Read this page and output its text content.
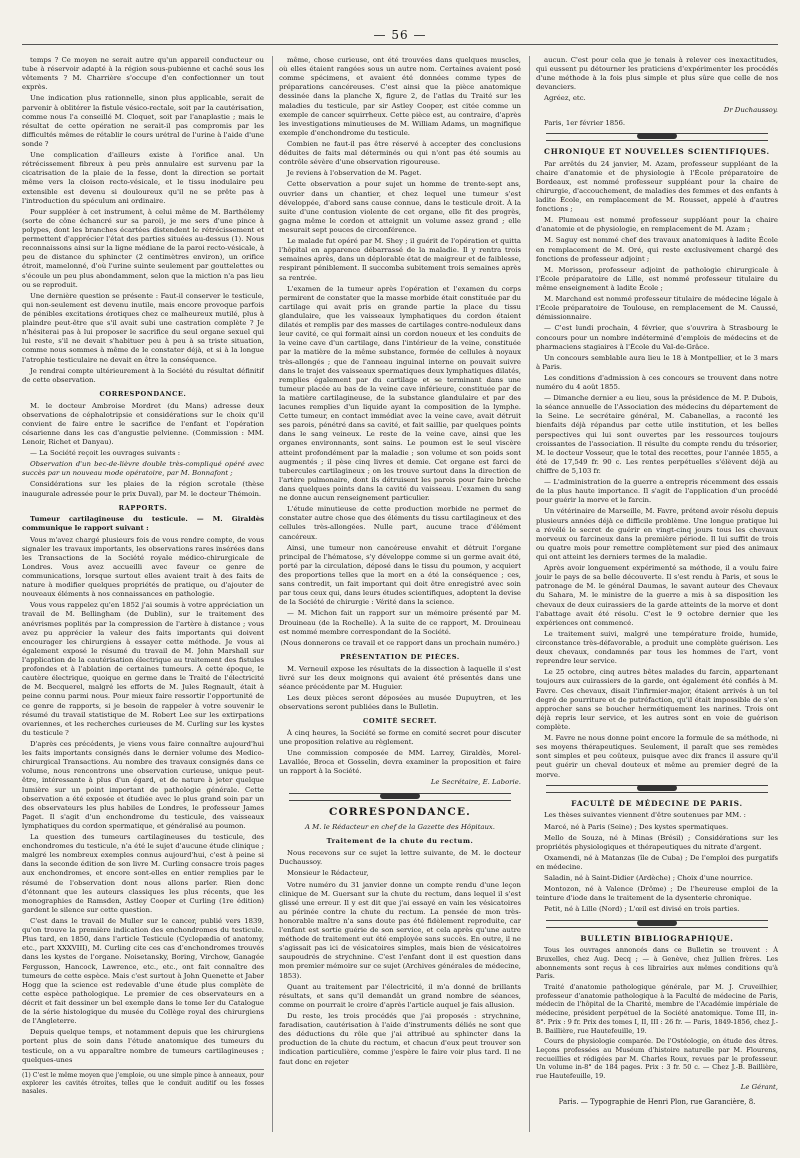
— 56 —

temps ? Ce moyen ne serait autre qu'un appareil conducteur ou tube à réservoir adapté à la région sous-pubienne et caché sous les vêtements ? M. Charrière s'occupe d'en confectionner un tout exprès.

Une indication plus rationnelle, sinon plus applicable, serait de parvenir à oblitérer la fistule vésico-rectale, soit par la cautérisation, comme nous l'a conseillé M. Cloquet, soit par l'anaplastie ; mais le résultat de cette opération ne serait-il pas compromis par les difficultés mêmes de rétablir le cours urétral de l'urine à l'aide d'une sonde ?

Une complication d'ailleurs existe à l'orifice anal. Un rétrécissement fibreux à peu près annulaire est survenu par la cicatrisation de la plaie de la fesse, dont la direction se portait même vers la cloison recto-vésicale, et le tissu inodulaire peu extensible est devenu si douloureux qu'il ne se prête pas à l'introduction du spéculum ani ordinaire.

Pour suppléer à cet instrument, à celui même de M. Barthélemy (sorte de cône échancré sur sa paroi), je me sers d'une pince à polypes, dont les branches écartées distendent le rétrécissement et permettent d'apprécier l'état des parties situées au-dessus (1). Nous reconnaissons ainsi sur la ligne médiane de la paroi recto-vésicale, à peu de distance du sphincter (2 centimètres environ), un orifice étroit, mamelonné, d'où l'urine suinte seulement par gouttelettes ou s'écoule un peu plus abondamment, selon que la miction n'a pas lieu ou se reproduit.

Une dernière question se présente : Faut-il conserver le testicule, qui non-seulement est devenu inutile, mais encore provoque parfois de pénibles excitations érotiques chez ce malheureux mutilé, plus à plaindre peut-être que s'il avait subi une castration complète ? Je n'hésiterai pas à lui proposer le sacrifice du seul organe sexuel qui lui reste, s'il ne devait s'habituer peu à peu à sa triste situation, comme nous sommes à même de le constater déjà, et si à la longue l'atrophie testiculaire ne devait en être la conséquence.

Je rendrai compte ultérieurement à la Société du résultat définitif de cette observation.

CORRESPONDANCE.

M. le docteur Ambroise Mordret (du Mans) adresse deux observations de céphalotripsie et considérations sur le choix qu'il convient de faire entre le sacrifice de l'enfant et l'opération césarienne dans les cas d'angustie pelvienne. (Commission : MM. Lenoir, Richet et Danyau).

— La Société reçoit les ouvrages suivants :

Observation d'un bec-de-lièvre double très-compliqué opéré avec succès par un nouveau mode opératoire, par M. Bonnafont ;

Considérations sur les plaies de la région scrotale (thèse inaugurale adressée pour le prix Duval), par M. le docteur Thémoin.

RAPPORTS.

Tumeur cartilagineuse du testicule. — M. Giraldès communique le rapport suivant :

Vous m'avez chargé plusieurs fois de vous rendre compte, de vous signaler les travaux importants, les observations rares insérées dans les Transactions de la Société royale médico-chirurgicale de Londres. Vous avez accueilli avec faveur ce genre de communications, lorsque surtout elles avaient trait à des faits de nature à modifier quelques propriétés de pratique, ou d'ajouter de nouveaux éléments à nos connaissances en pathologie.

Vous vous rappelez qu'en 1852 j'ai soumis à votre appréciation un travail de M. Bellingham (de Dublin), sur le traitement des anévrismes poplités par la compression de l'artère à distance ; vous avez pu apprécier la valeur des faits importants qui doivent encourager les chirurgiens à essayer cette méthode. Je vous ai également exposé le résumé du travail de M. John Marshall sur l'application de la cautérisation électrique au traitement des fistules profondes et à l'ablation de certaines tumeurs. À cette époque, le cautère électrique, quoique en germe dans le Traité de l'électricité de M. Becquerel, malgré les efforts de M. Jules Regnault, était à peine connu parmi nous. Pour mieux faire ressortir l'opportunité de ce genre de rapports, si je besoin de rappeler à votre souvenir le résumé du travail statistique de M. Robert Lee sur les extirpations ovariennes, et les recherches curieuses de M. Curling sur les kystes du testicule ?

D'après ces précédents, je viens vous faire connaître aujourd'hui les faits importants consignés dans le dernier volume des Medico-chirurgical Transactions. Au nombre des travaux consignés dans ce volume, nous rencontrons une observation curieuse, unique peut-être, intéressante à plus d'un égard, et de nature à jeter quelque lumière sur un point important de pathologie générale. Cette observation a été exposée et étudiée avec le plus grand soin par un des observateurs les plus habiles de Londres, le professeur James Paget. Il s'agit d'un enchondrome du testicule, des vaisseaux lymphatiques du cordon spermatique, et généralisé au poumon.

La question des tumeurs cartilagineuses du testicule, des enchondromes du testicule, n'a été le sujet d'aucune étude clinique ; malgré les nombreux exemples connus aujourd'hui, c'est à peine si dans la seconde édition de son livre M. Curling consacre trois pages aux enchondromes, et encore sont-elles en entier remplies par le résumé de l'observation dont nous allons parler. Rien donc d'étonnant que les auteurs classiques les plus récents, que les monographies de Ramsden, Astley Cooper et Curling (1re édition) gardent le silence sur cette question.

C'est dans le travail de Muller sur le cancer, publié vers 1839, qu'on trouve la première indication des enchondromes du testicule. Plus tard, en 1850, dans l'article Testicule (Cyclopædia of anatomy, etc., part XXXVIII), M. Curling cite ces cas d'enchondromes trouvés dans les kystes de l'organe. Noisetansky, Boring, Virchow, Ganagée Fergusson, Hancock, Lawrence, etc., etc., ont fait connaître des tumeurs de cette espèce. Mais c'est surtout à John Quenette et Jaber Hogg que la science est redevable d'une étude plus complète de cette espèce pathologique. Le premier de ces observateurs en a décrit et fait dessiner un bel exemple dans le tome Ier du Catalogue de la série histologique du musée du Collège royal des chirurgiens de l'Angleterre.

Depuis quelque temps, et notamment depuis que les chirurgiens portent plus de soin dans l'étude anatomique des tumeurs du testicule, on a vu apparaître nombre de tumeurs cartilagineuses ; quelques-unes

(1) C'est le même moyen que j'emploie, ou une simple pince à anneaux, pour explorer les cavités étroites, telles que le conduit auditif ou les fosses nasales.

même, chose curieuse, ont été trouvées dans quelques muscles, où elles étaient rangées sous un autre nom. Certaines avaient posé comme spécimens, et avaient été données comme types de préparations cancéreuses. C'est ainsi que la pièce anatomique dessinée dans la planche X, figure 2, de l'atlas du Traité sur les maladies du testicule, par sir Astley Cooper, est citée comme un exemple de cancer squirrheux. Cette pièce est, au contraire, d'après les investigations minutieuses de M. William Adams, un magnifique exemple d'enchondrome du testicule.

Combien ne faut-il pas être réservé à accepter des conclusions déduites de faits mal déterminés ou qui n'ont pas été soumis au contrôle sévère d'une observation rigoureuse.

Je reviens à l'observation de M. Paget.

Cette observation a pour sujet un homme de trente-sept ans, ouvrier dans un chantier, et chez lequel une tumeur s'est développée, d'abord sans cause connue, dans le testicule droit. À la suite d'une contusion violente de cet organe, elle fit des progrès, gagna même le cordon et atteignit un volume assez grand ; elle mesurait sept pouces de circonférence.

Le malade fut opéré par M. Shey ; il guérit de l'opération et quitta l'hôpital en apparence débarrassé de la maladie. Il y rentra trois semaines après, dans un déplorable état de maigreur et de faiblesse, respirant péniblement. Il succomba subitement trois semaines après sa rentrée.

L'examen de la tumeur après l'opération et l'examen du corps permirent de constater que la masse morbide était constituée par du cartilage qui avait pris en grande partie la place du tissu glandulaire, que les vaisseaux lymphatiques du cordon étaient dilatés et remplis par des masses de cartilages contre-noduleux dans leur cavité, ce qui formait ainsi un cordon noueux et les conduits de la veine cave d'un cartilage, dans l'intérieur de la veine, constituée par la matière de la même substance, formée de cellules à noyaux très-allongés ; que de l'anneau inguinal interne on pouvait suivre dans le trajet des vaisseaux spermatiques deux lymphatiques dilatés, remplies également par du cartilage et se terminant dans une tumeur placée au bas de la veine cave inférieure, constituée par de la matière cartilagineuse, de la substance glandulaire et par des lacunes remplies d'un liquide ayant la composition de la lymphe. Cette tumeur, en contact immédiat avec la veine cave, avait détruit ses parois, pénétré dans sa cavité, et fait saillie, par quelques points dans le sang veineux. Le reste de la veine cave, ainsi que les organes environnants, sont sains. Le poumon est le seul viscère atteint profondément par la maladie ; son volume et son poids sont augmentés ; il pèse cinq livres et demie. Cet organe est farci de tubercules cartilagineux ; on les trouve surtout dans la direction de l'artère pulmonaire, dont ils détruisent les parois pour faire brèche dans quelques points dans la cavité du vaisseau. L'examen du sang ne donne aucun renseignement particulier.

L'étude minutieuse de cette production morbide ne permet de constater autre chose que des éléments du tissu cartilagineux et des cellules très-allongées. Nulle part, aucune trace d'élément cancéreux.

Ainsi, une tumeur non cancéreuse envahit et détruit l'organe principal de l'hématose, s'y développe comme si un germe avait été, porté par la circulation, déposé dans le tissu du poumon, y acquiert des proportions telles que la mort en a été la conséquence ; ces, sans contredit, un fait important qui doit être enregistré avec soin par tous ceux qui, dans leurs études scientifiques, adoptent la devise de la Société de chirurgie : Vérité dans la science.

— M. Michon fait un rapport sur un mémoire présenté par M. Drouineau (de la Rochelle). À la suite de ce rapport, M. Drouineau est nommé membre correspondant de la Société.

(Nous donnerons ce travail et ce rapport dans un prochain numéro.)

PRÉSENTATION DE PIÈCES.

M. Verneuil expose les résultats de la dissection à laquelle il s'est livré sur les deux moignons qui avaient été présentés dans une séance précédente par M. Huguier.

Les deux pièces seront déposées au musée Dupuytren, et les observations seront publiées dans le Bulletin.

COMITÉ SECRET.

À cinq heures, la Société se forme en comité secret pour discuter une proposition relative au règlement.

Une commission composée de MM. Larrey, Giraldès, Morel-Lavallée, Broca et Gosselin, devra examiner la proposition et faire un rapport à la Société.

Le Secrétaire, E. Laborie.
CORRESPONDANCE.

A M. le Rédacteur en chef de la Gazette des Hôpitaux.

Traitement de la chute du rectum.

Nous recevons sur ce sujet la lettre suivante, de M. le docteur Duchaussoy.

Monsieur le Rédacteur,

Votre numéro du 31 janvier donne un compte rendu d'une leçon clinique de M. Guersant sur la chute du rectum, dans lequel il s'est glissé une erreur. Il y est dit que j'ai essayé en vain les vésicatoires au périnée contre la chute du rectum. La pensée de mon très-honorable maître n'a sans doute pas été fidèlement reproduite, car l'enfant est sortie guérie de son service, et cela après qu'une autre méthode de traitement eut été employée sans succès. En outre, il ne s'agissait pas ici de vésicatoires simples, mais bien de vésicatoires saupoudrés de strychnine. C'est l'enfant dont il est question dans mon premier mémoire sur ce sujet (Archives générales de médecine, 1853).

Quant au traitement par l'électricité, il m'a donné de brillants résultats, et sans qu'il demandât un grand nombre de séances, comme on pourrait le croire d'après l'article auquel je fais allusion.

Du reste, les trois procédés que j'ai proposés : strychnine, faradisation, cautérisation à l'aide d'instruments déliés ne sont que des déductions du rôle que j'ai attribué au sphincter dans la production de la chute du rectum, et chacun d'eux peut trouver son indication particulière, comme j'espère le faire voir plus tard. Il ne faut donc en rejeter

aucun. C'est pour cela que je tenais à relever ces inexactitudes, qui eussent pu détourner les praticiens d'expérimenter les procédés d'une méthode à la fois plus simple et plus sûre que celle de nos devanciers.

Agréez, etc.

Dr Duchaussoy.

Paris, 1er février 1856.

CHRONIQUE ET NOUVELLES SCIENTIFIQUES.

Par arrêtés du 24 janvier, M. Azam, professeur suppléant de la chaire d'anatomie et de physiologie à l'École préparatoire de Bordeaux, est nommé professeur suppléant pour la chaire de chirurgie, d'accouchement, de maladies des femmes et des enfants à ladite École, en remplacement de M. Rousset, appelé à d'autres fonctions ;

M. Plumeau est nommé professeur suppléant pour la chaire d'anatomie et de physiologie, en remplacement de M. Azam ;

M. Saguy est nommé chef des travaux anatomiques à ladite École en remplacement de M. Oré, qui reste exclusivement chargé des fonctions de professeur adjoint ;

M. Morisson, professeur adjoint de pathologie chirurgicale à l'École préparatoire de Lille, est nommé professeur titulaire du même enseignement à ladite École ;

M. Marchand est nommé professeur titulaire de médecine légale à l'École préparatoire de Toulouse, en remplacement de M. Caussé, démissionnaire.

— C'est lundi prochain, 4 février, que s'ouvrira à Strasbourg le concours pour un nombre indéterminé d'emplois de médecins et de pharmaciens stagiaires à l'École du Val-de-Grâce.

Un concours semblable aura lieu le 18 à Montpellier, et le 3 mars à Paris.

Les conditions d'admission à ces concours se trouvent dans notre numéro du 4 août 1855.

— Dimanche dernier a eu lieu, sous la présidence de M. P. Dubois, la séance annuelle de l'Association des médecins du département de la Seine. Le secrétaire général, M. Cabanellas, a raconté les bienfaits déjà répandus par cette utile institution, et les belles perspectives qui lui sont ouvertes par les ressources toujours croissantes de l'association. Il résulte du compte rendu du trésorier, M. le docteur Vosseur, que le total des recettes, pour l'année 1855, a été de 17,549 fr. 90 c. Les rentes perpétuelles s'élèvent déjà au chiffre de 5,103 fr.

— L'administration de la guerre a entrepris récemment des essais de la plus haute importance. Il s'agit de l'application d'un procédé pour guérir la morve et le farcin.

Un vétérinaire de Marseille, M. Favre, prétend avoir résolu depuis plusieurs années déjà ce difficile problème. Une longue pratique lui a révélé le secret de guérir en vingt-cinq jours tous les chevaux morveux ou farcineux dans la première période. Il lui suffit de trois ou quatre mois pour remettre complètement sur pied des animaux qui ont atteint les derniers termes de la maladie.

Après avoir longuement expérimenté sa méthode, il a voulu faire jouir le pays de sa belle découverte. Il s'est rendu à Paris, et sous le patronage de M. le général Daumas, le savant auteur des Chevaux du Sahara, M. le ministre de la guerre a mis à sa disposition les chevaux de deux cuirassiers de la garde atteints de la morve et dont l'abattage avait été résolu. C'est le 9 octobre dernier que les expériences ont commencé.

Le traitement suivi, malgré une température froide, humide, circonstance très-défavorable, a produit une complète guérison. Les deux chevaux, condamnés par tous les hommes de l'art, vont reprendre leur service.

Le 25 octobre, cinq autres bêtes malades du farcin, appartenant toujours aux cuirassiers de la garde, ont également été confiés à M. Favre. Ces chevaux, disait l'infirmier-major, étaient arrivés à un tel degré de pourriture et de putréfaction, qu'il était impossible de s'en approcher sans se boucher hermétiquement les narines. Trois ont déjà repris leur service, et les autres sont en voie de guérison complète.

M. Favre ne nous donne point encore la formule de sa méthode, ni ses moyens thérapeutiques. Seulement, il paraît que ses remèdes sont simples et peu coûteux, puisque avec dix francs il assure qu'il peut guérir un cheval douteux et même au premier degré de la morve.

FACULTÉ DE MÉDECINE DE PARIS.

Les thèses suivantes viennent d'être soutenues par MM. :

Marcé, né à Paris (Seine) ; Des kystes spermatiques.

Mello de Souza, né à Minas (Brésil) ; Considérations sur les propriétés physiologiques et thérapeutiques du nitrate d'argent.

Oxamendi, né à Matanzas (île de Cuba) ; De l'emploi des purgatifs en médecine.

Saladin, né à Saint-Didier (Ardèche) ; Choix d'une nourrice.

Montozon, né à Valence (Drôme) ; De l'heureuse emploi de la teinture d'iode dans le traitement de la dysenterie chronique.

Petit, né à Lille (Nord) ; L'œil est divisé en trois parties.

BULLETIN BIBLIOGRAPHIQUE.

Tous les ouvrages annoncés dans ce Bulletin se trouvent : À Bruxelles, chez Aug. Decq ; — à Genève, chez Jullien frères. Les abonnements sont reçus à ces librairies aux mêmes conditions qu'à Paris.

Traité d'anatomie pathologique générale, par M. J. Cruveilhier, professeur d'anatomie pathologique à la Faculté de médecine de Paris, médecin de l'hôpital de la Charité, membre de l'Académie impériale de médecine, président perpétuel de la Société anatomique. Tome III, in-8°. Prix : 9 fr. Prix des tomes I, II, III : 26 fr. — Paris, 1849-1856, chez J.-B. Baillière, rue Hautefeuille, 19.

Cours de physiologie comparée. De l'Ostéologie, on étude des êtres. Leçons professées au Muséum d'histoire naturelle par M. Flourens, recueillies et rédigées par M. Charles Roux, revues par le professeur. Un volume in-8° de 184 pages. Prix : 3 fr. 50 c. — Chez J.-B. Baillière, rue Hautefeuille, 19.

Le Gérant,
Paris. — Typographie de Henri Plon, rue Garancière, 8.
